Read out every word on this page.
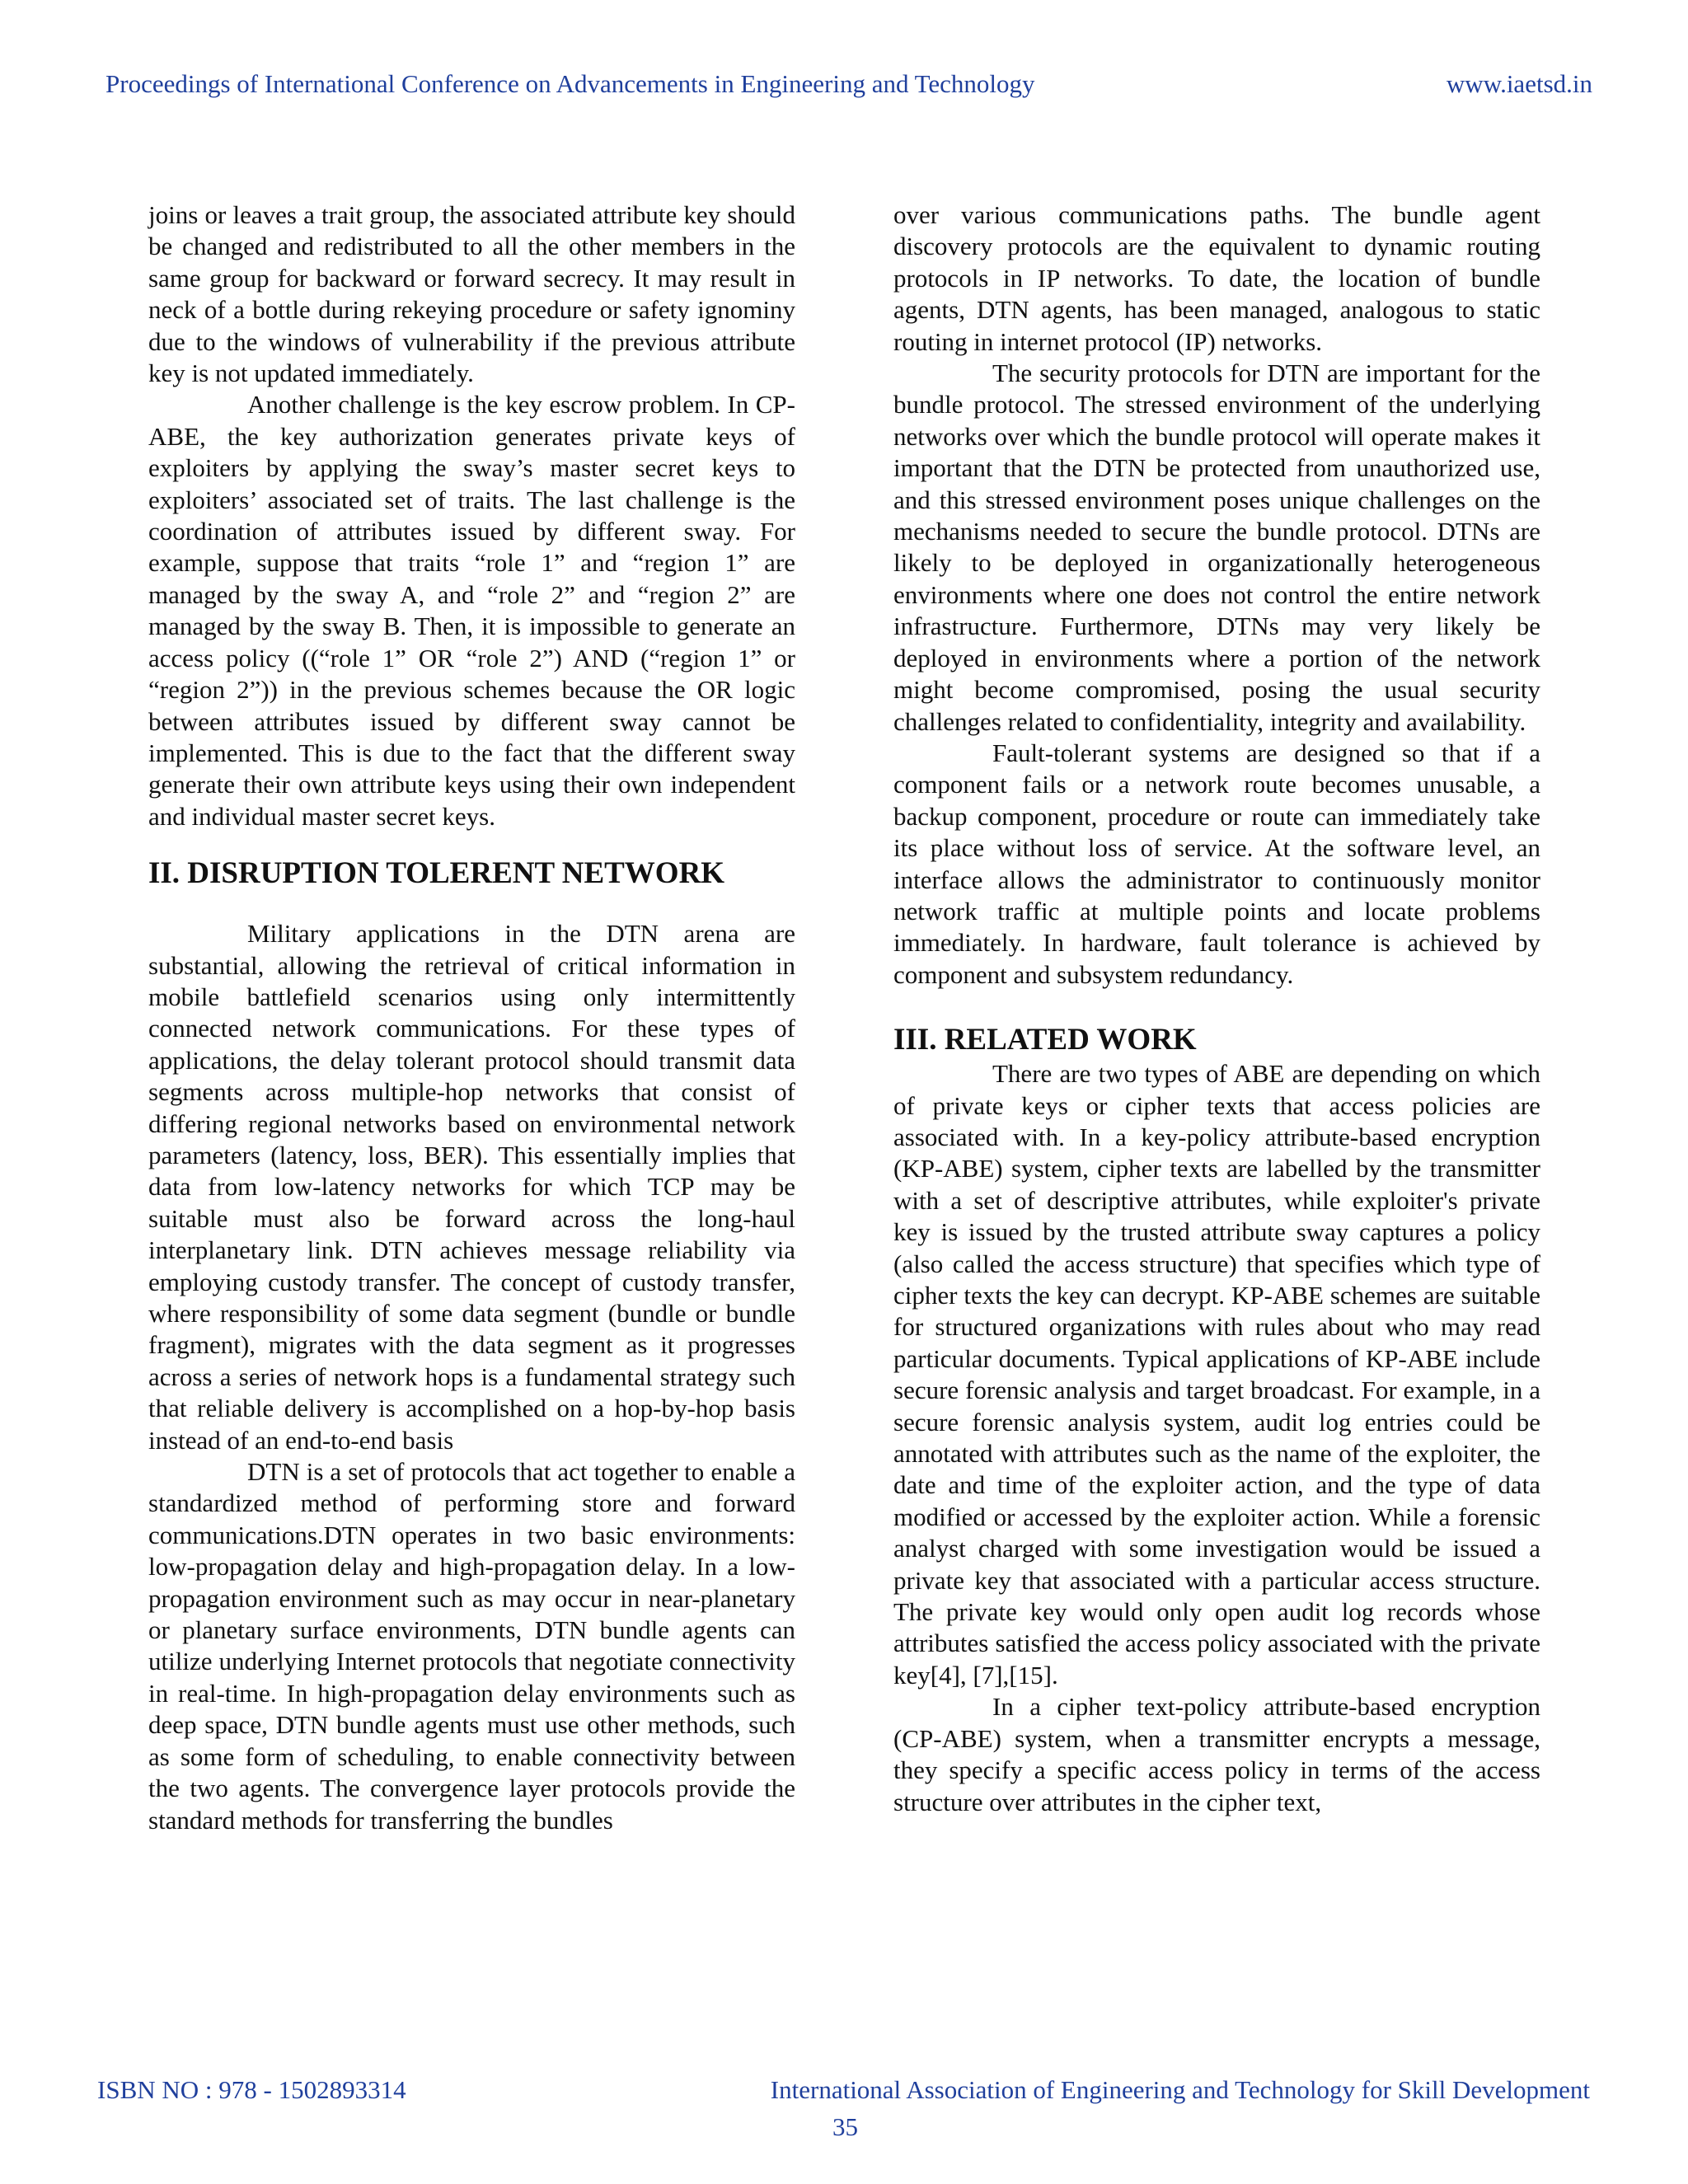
Proceedings of International Conference on Advancements in Engineering and Technology	www.iaetsd.in

joins or leaves a trait group, the associated attribute key should be changed and redistributed to all the other members in the same group for backward or forward secrecy. It may result in neck of a bottle during rekeying procedure or safety ignominy due to the windows of vulnerability if the previous attribute key is not updated immediately.

Another challenge is the key escrow problem. In CP-ABE, the key authorization generates private keys of exploiters by applying the sway’s master secret keys to exploiters’ associated set of traits. The last challenge is the coordination of attributes issued by different sway. For example, suppose that traits “role 1” and “region 1” are managed by the sway A, and “role 2” and “region 2” are managed by the sway B. Then, it is impossible to generate an access policy ((“role 1” OR “role 2”) AND (“region 1” or “region 2”)) in the previous schemes because the OR logic between attributes issued by different sway cannot be implemented. This is due to the fact that the different sway generate their own attribute keys using their own independent and individual master secret keys.

II. DISRUPTION TOLERENT NETWORK

Military applications in the DTN arena are substantial, allowing the retrieval of critical information in mobile battlefield scenarios using only intermittently connected network communications. For these types of applications, the delay tolerant protocol should transmit data segments across multiple-hop networks that consist of differing regional networks based on environmental network parameters (latency, loss, BER). This essentially implies that data from low-latency networks for which TCP may be suitable must also be forward across the long-haul interplanetary link. DTN achieves message reliability via employing custody transfer. The concept of custody transfer, where responsibility of some data segment (bundle or bundle fragment), migrates with the data segment as it progresses across a series of network hops is a fundamental strategy such that reliable delivery is accomplished on a hop-by-hop basis instead of an end-to-end basis

DTN is a set of protocols that act together to enable a standardized method of performing store and forward communications.DTN operates in two basic environments: low-propagation delay and high-propagation delay. In a low-propagation environment such as may occur in near-planetary or planetary surface environments, DTN bundle agents can utilize underlying Internet protocols that negotiate connectivity in real-time. In high-propagation delay environments such as deep space, DTN bundle agents must use other methods, such as some form of scheduling, to enable connectivity between the two agents. The convergence layer protocols provide the standard methods for transferring the bundles

over various communications paths. The bundle agent discovery protocols are the equivalent to dynamic routing protocols in IP networks. To date, the location of bundle agents, DTN agents, has been managed, analogous to static routing in internet protocol (IP) networks.

The security protocols for DTN are important for the bundle protocol. The stressed environment of the underlying networks over which the bundle protocol will operate makes it important that the DTN be protected from unauthorized use, and this stressed environment poses unique challenges on the mechanisms needed to secure the bundle protocol. DTNs are likely to be deployed in organizationally heterogeneous environments where one does not control the entire network infrastructure. Furthermore, DTNs may very likely be deployed in environments where a portion of the network might become compromised, posing the usual security challenges related to confidentiality, integrity and availability.

Fault-tolerant systems are designed so that if a component fails or a network route becomes unusable, a backup component, procedure or route can immediately take its place without loss of service. At the software level, an interface allows the administrator to continuously monitor network traffic at multiple points and locate problems immediately. In hardware, fault tolerance is achieved by component and subsystem redundancy.

III. RELATED WORK

There are two types of ABE are depending on which of private keys or cipher texts that access policies are associated with. In a key-policy attribute-based encryption (KP-ABE) system, cipher texts are labelled by the transmitter with a set of descriptive attributes, while exploiter's private key is issued by the trusted attribute sway captures a policy (also called the access structure) that specifies which type of cipher texts the key can decrypt. KP-ABE schemes are suitable for structured organizations with rules about who may read particular documents. Typical applications of KP-ABE include secure forensic analysis and target broadcast. For example, in a secure forensic analysis system, audit log entries could be annotated with attributes such as the name of the exploiter, the date and time of the exploiter action, and the type of data modified or accessed by the exploiter action. While a forensic analyst charged with some investigation would be issued a private key that associated with a particular access structure. The private key would only open audit log records whose attributes satisfied the access policy associated with the private key[4], [7],[15].

In a cipher text-policy attribute-based encryption (CP-ABE) system, when a transmitter encrypts a message, they specify a specific access policy in terms of the access structure over attributes in the cipher text,

ISBN NO : 978 - 1502893314	International Association of Engineering and Technology for Skill Development
35
